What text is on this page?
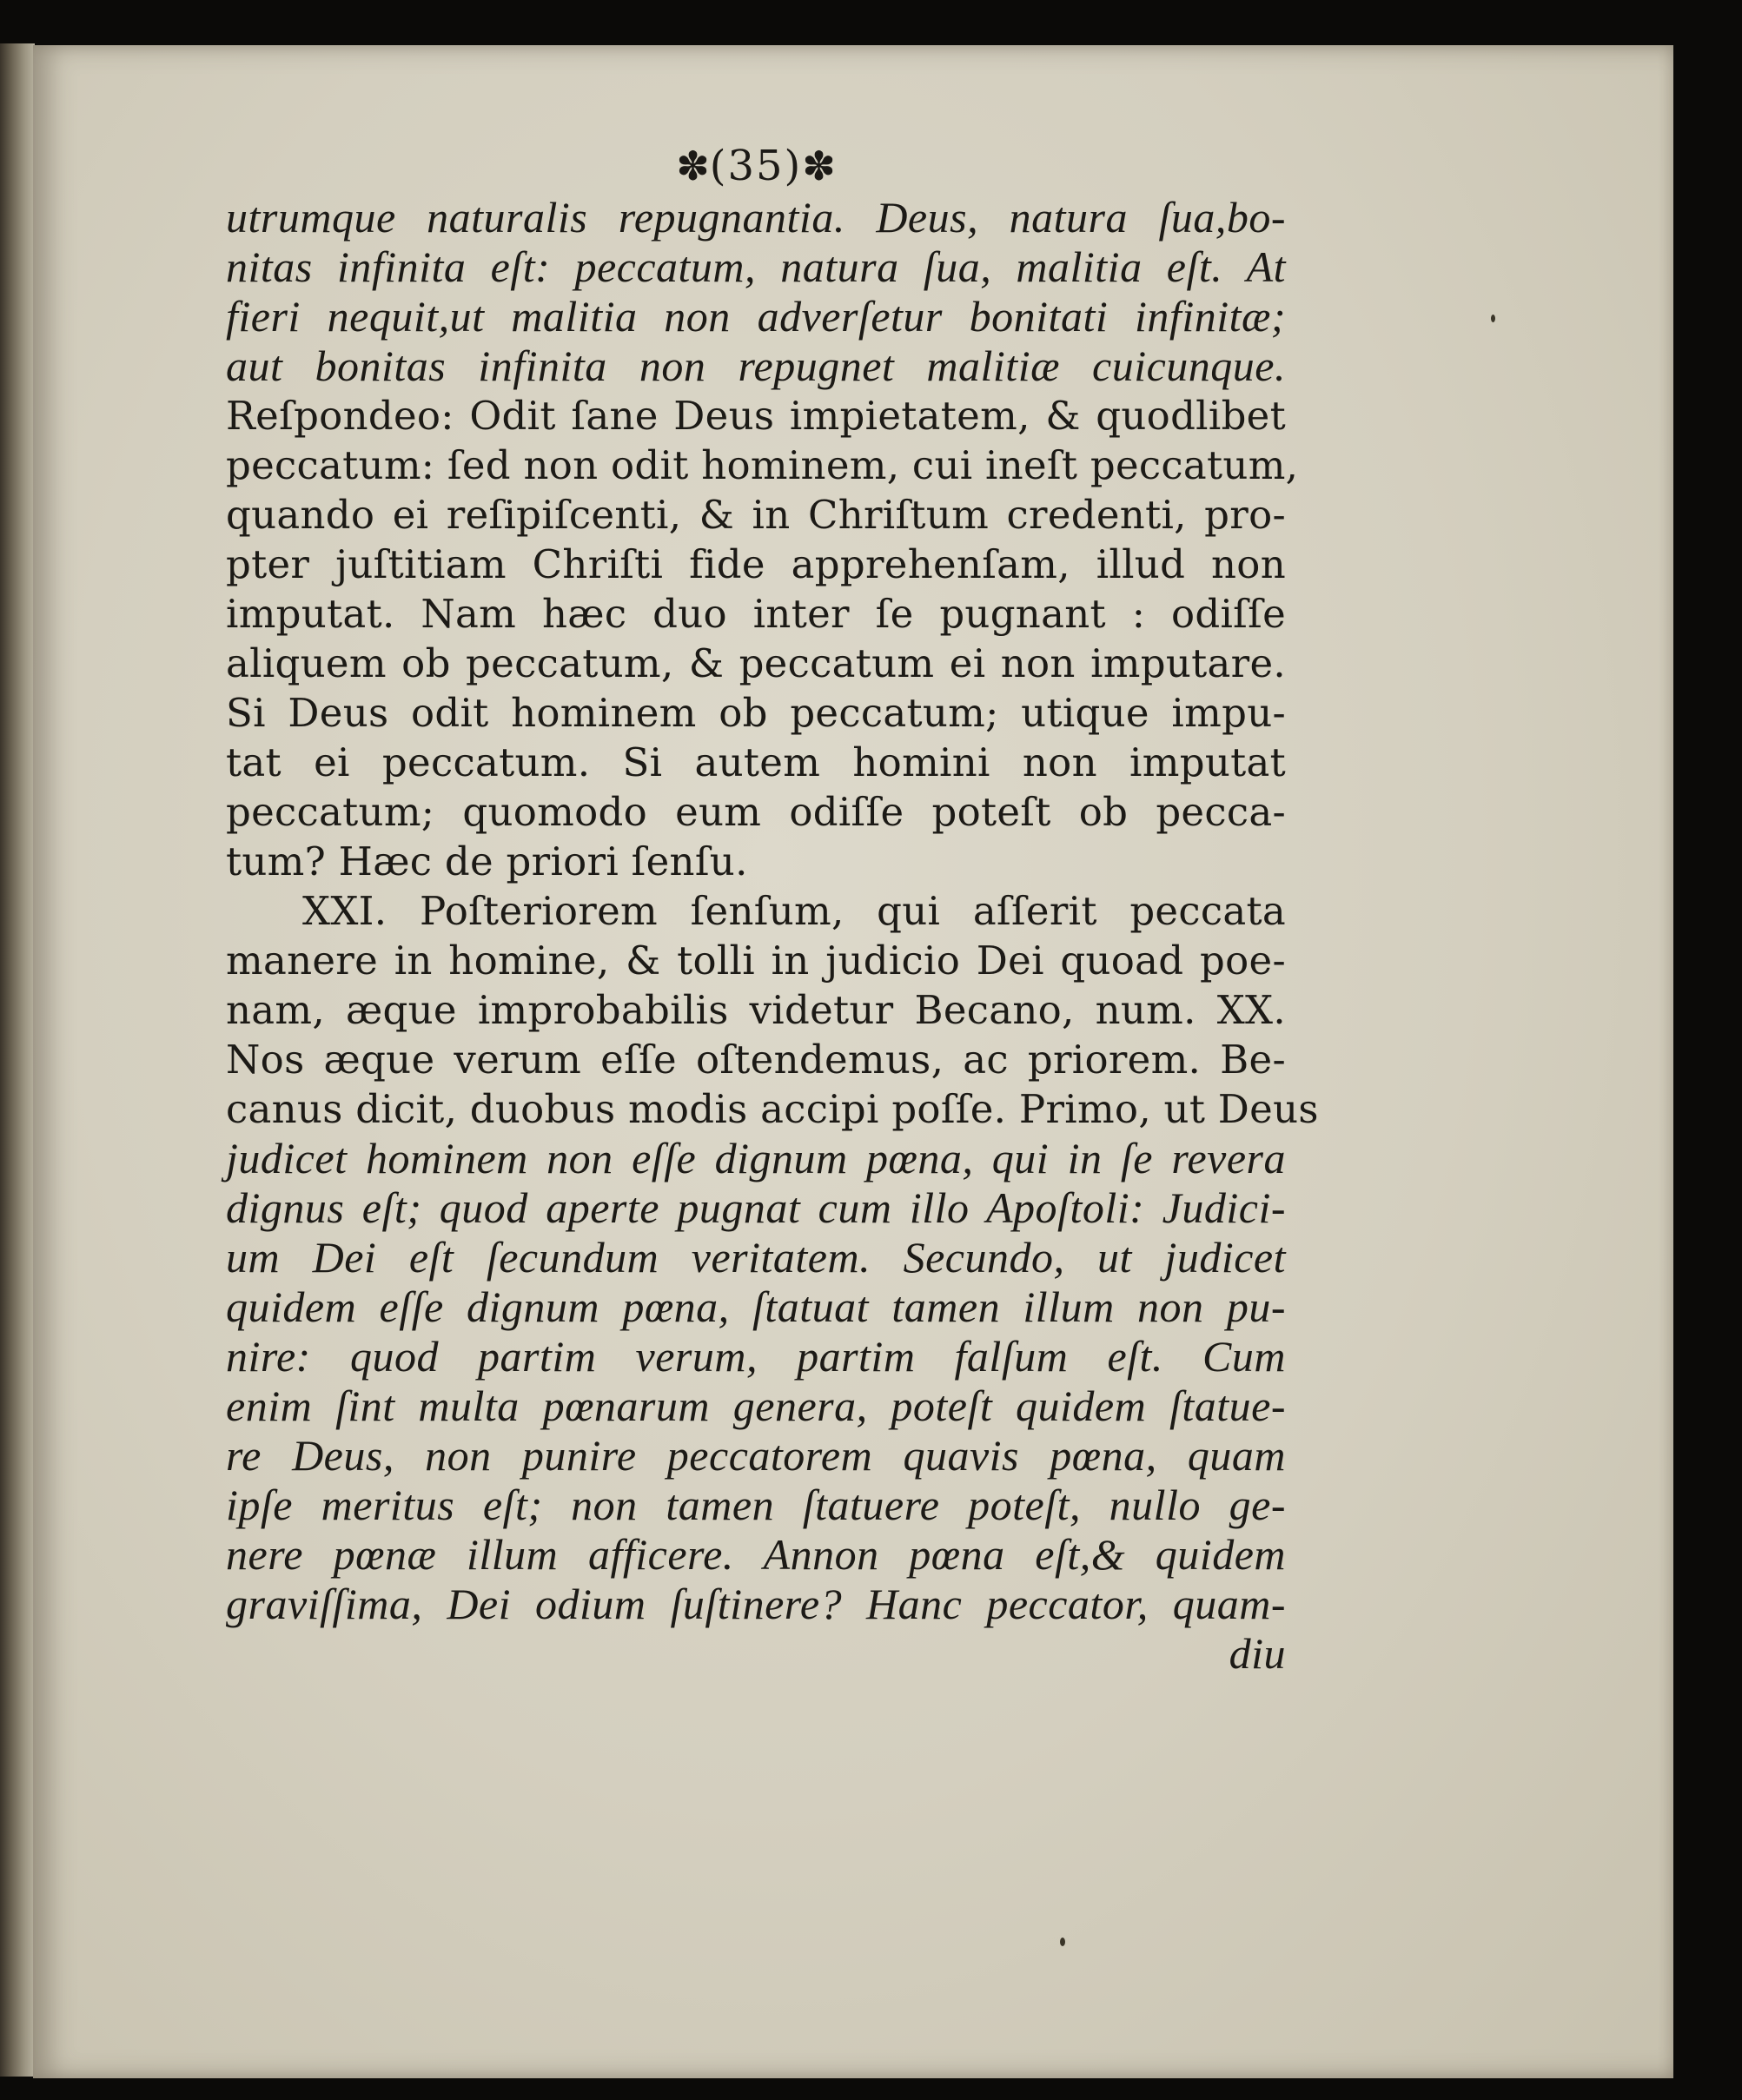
✽(35)✽
utrumque naturalis repugnantia. Deus, natura ſua,bo-
nitas infinita eſt: peccatum, natura ſua, malitia eſt. At
fieri nequit,ut malitia non adverſetur bonitati infinitæ;
aut bonitas infinita non repugnet malitiæ cuicunque.
Reſpondeo: Odit ſane Deus impietatem, & quodlibet
peccatum: ſed non odit hominem, cui ineſt peccatum,
quando ei reſipiſcenti, & in Chriſtum credenti, pro-
pter juſtitiam Chriſti fide apprehenſam, illud non
imputat. Nam hæc duo inter ſe pugnant : odiſſe
aliquem ob peccatum, & peccatum ei non imputare.
Si Deus odit hominem ob peccatum; utique impu-
tat ei peccatum. Si autem homini non imputat
peccatum; quomodo eum odiſſe poteſt ob pecca-
tum? Hæc de priori ſenſu.
XXI. Poſteriorem ſenſum, qui aſſerit peccata
manere in homine, & tolli in judicio Dei quoad poe-
nam, æque improbabilis videtur Becano, num. XX.
Nos æque verum eſſe oſtendemus, ac priorem. Be-
canus dicit, duobus modis accipi poſſe. Primo, ut Deus
judicet hominem non eſſe dignum pœna, qui in ſe revera
dignus eſt; quod aperte pugnat cum illo Apoſtoli: Judici-
um Dei eſt ſecundum veritatem. Secundo, ut judicet
quidem eſſe dignum pœna, ſtatuat tamen illum non pu-
nire: quod partim verum, partim falſum eſt. Cum
enim ſint multa pœnarum genera, poteſt quidem ſtatue-
re Deus, non punire peccatorem quavis pœna, quam
ipſe meritus eſt; non tamen ſtatuere poteſt, nullo ge-
nere pœnæ illum afficere. Annon pœna eſt,& quidem
graviſſima, Dei odium ſuſtinere? Hanc peccator, quam-
diu
